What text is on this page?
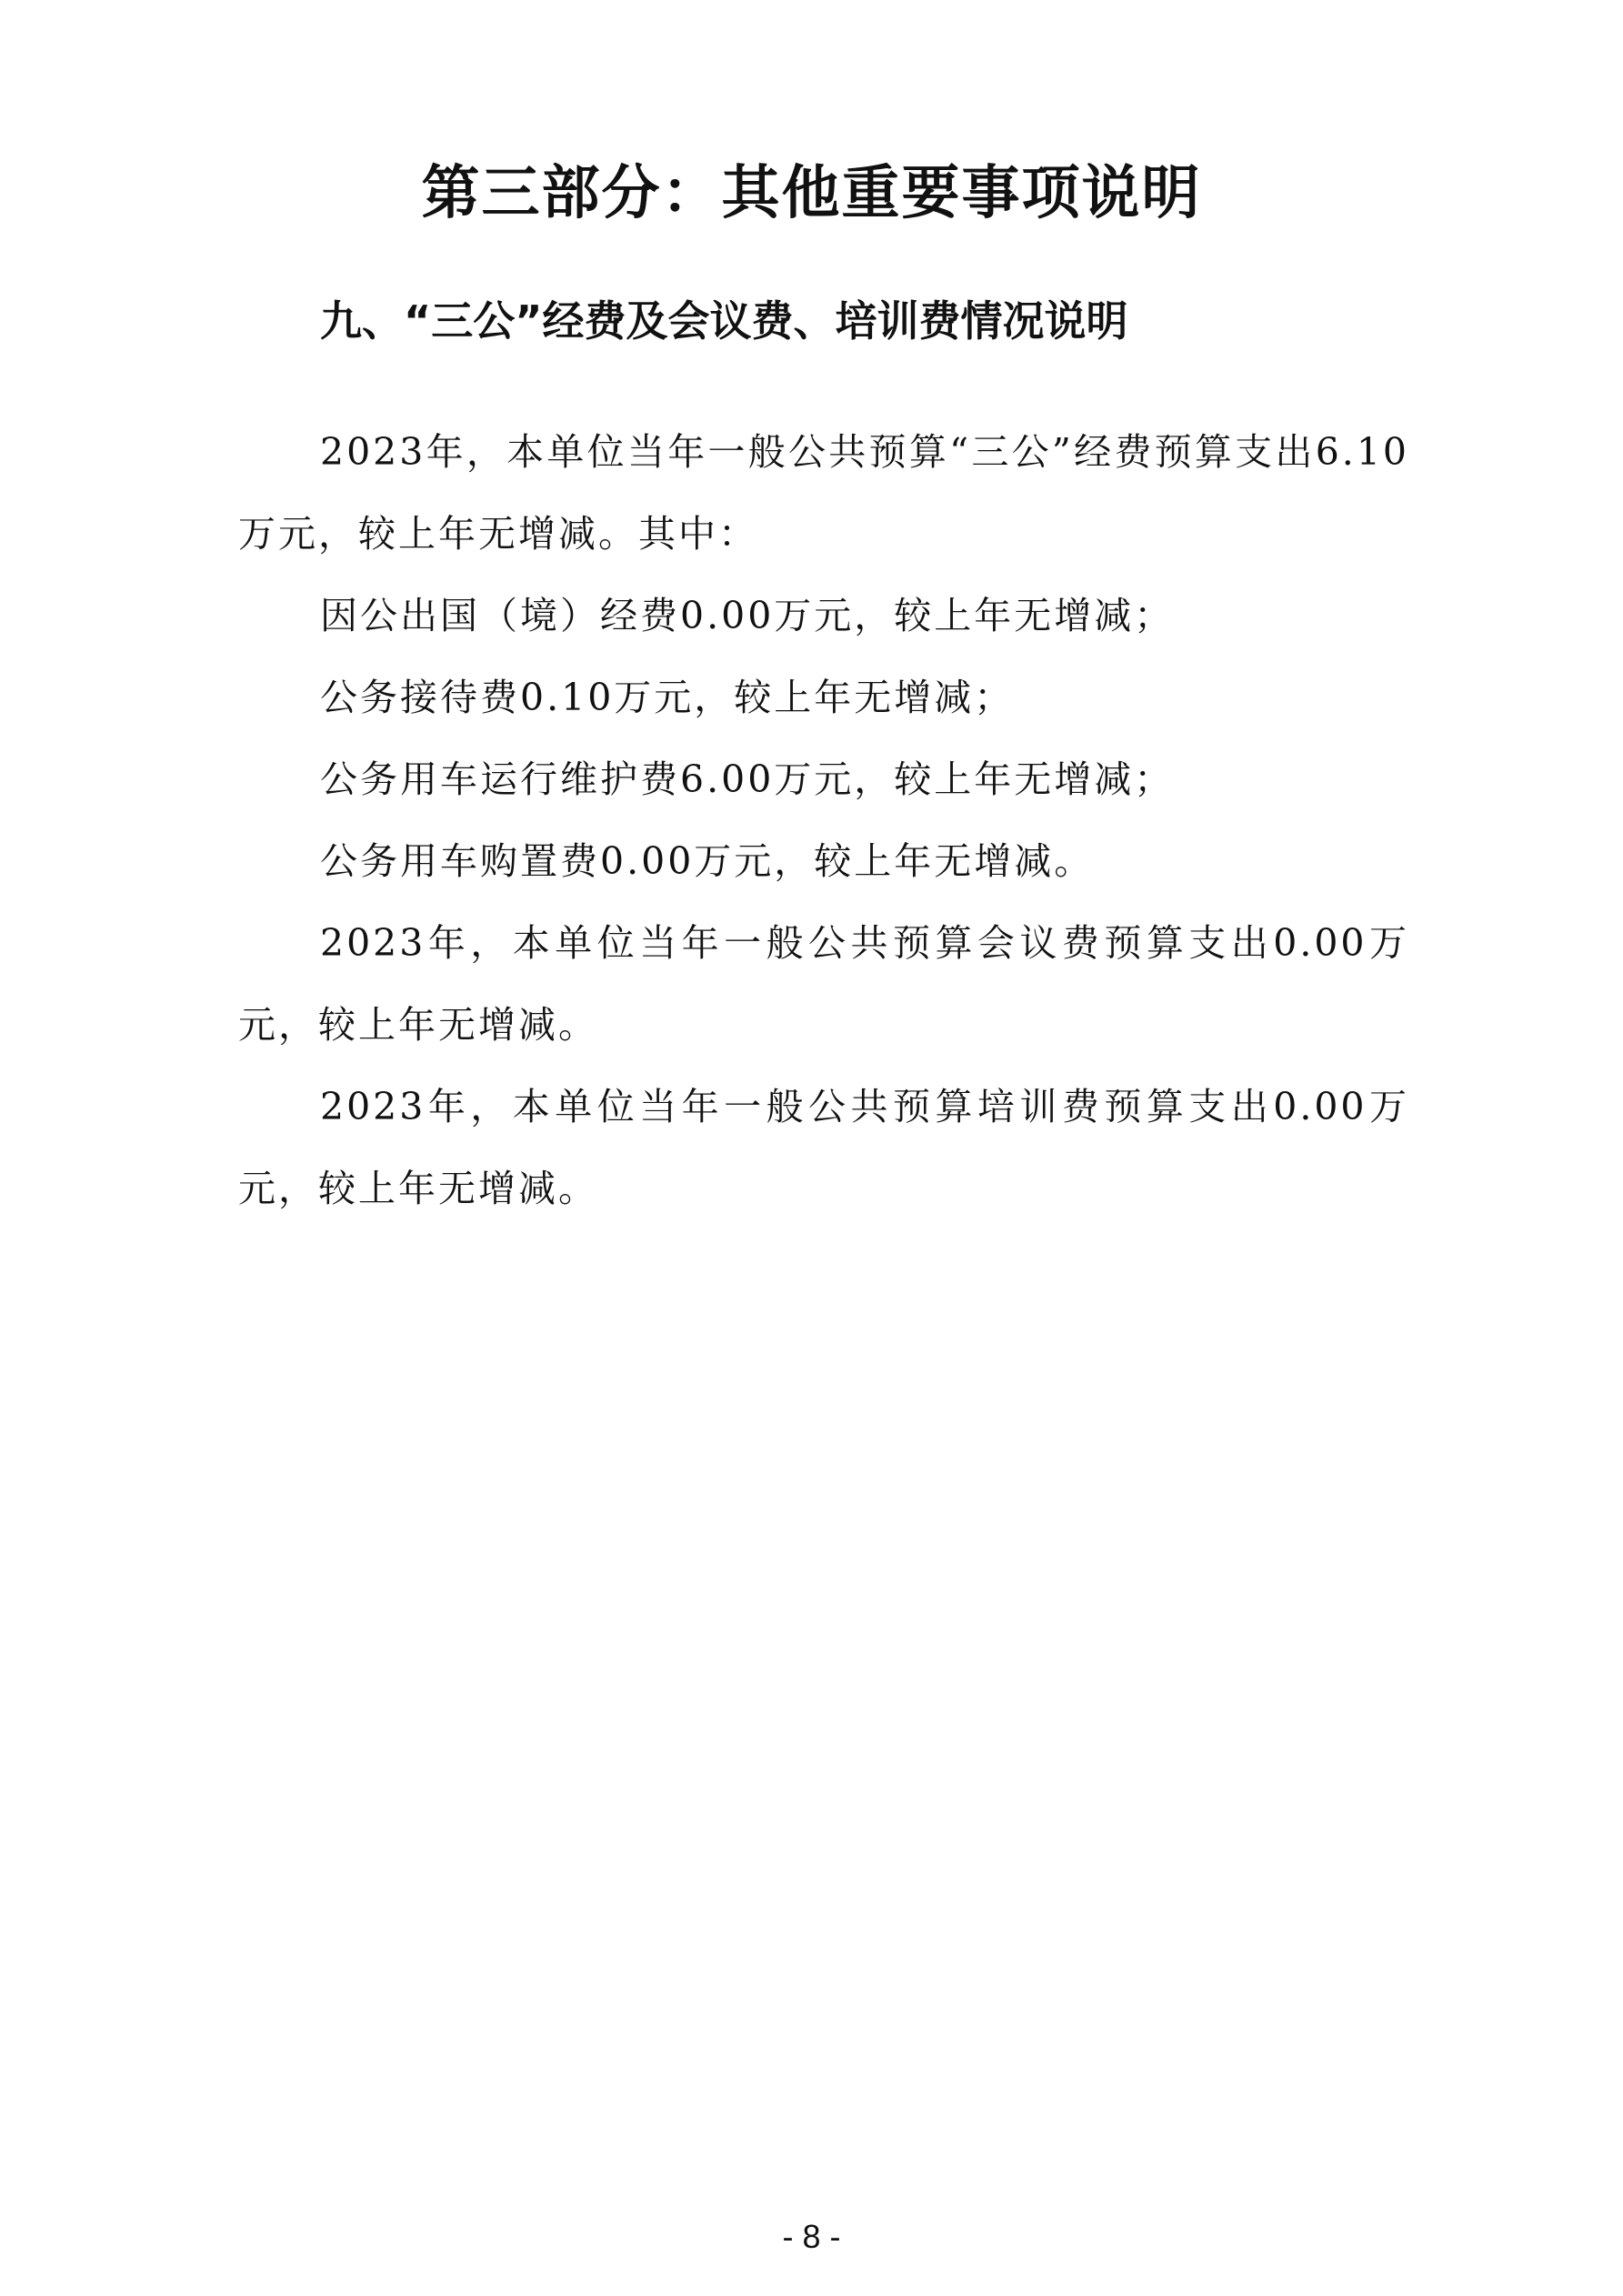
第三部分：其他重要事项说明
九、“三公”经费及会议费、培训费情况说明

2023年，本单位当年一般公共预算“三公”经费预算支出6.10万元，较上年无增减。其中：

因公出国（境）经费0.00万元，较上年无增减；

公务接待费0.10万元，较上年无增减；

公务用车运行维护费6.00万元，较上年无增减；

公务用车购置费0.00万元，较上年无增减。

2023年，本单位当年一般公共预算会议费预算支出0.00万元，较上年无增减。

2023年，本单位当年一般公共预算培训费预算支出0.00万元，较上年无增减。

- 8 -
